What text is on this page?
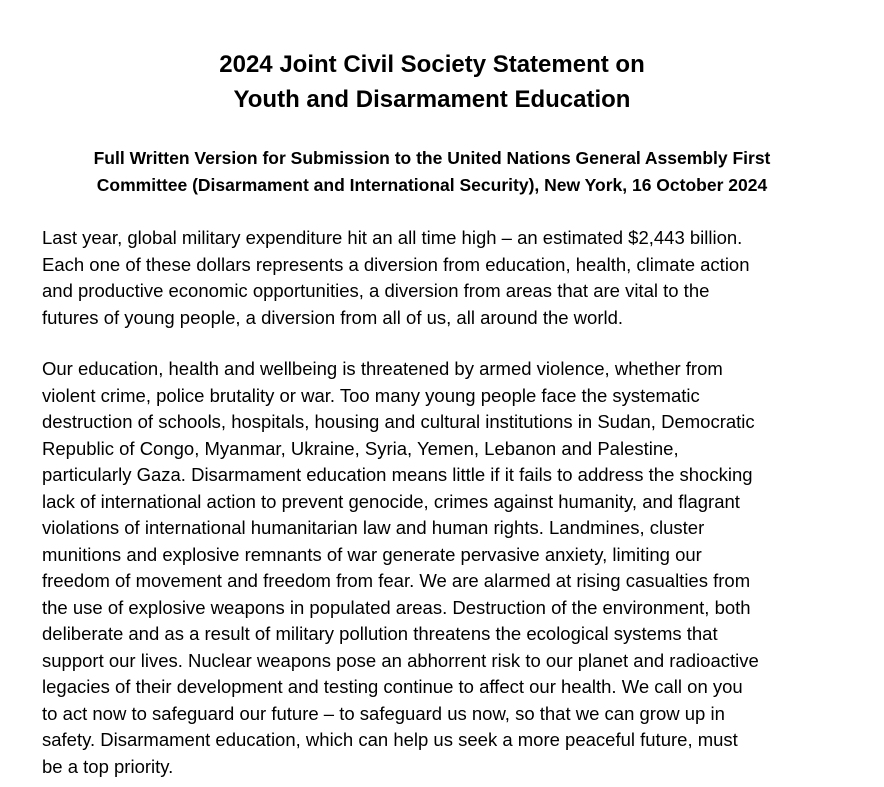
2024 Joint Civil Society Statement on
Youth and Disarmament Education
Full Written Version for Submission to the United Nations General Assembly First
Committee (Disarmament and International Security), New York, 16 October 2024

Last year, global military expenditure hit an all time high – an estimated $2,443 billion.
Each one of these dollars represents a diversion from education, health, climate action
and productive economic opportunities, a diversion from areas that are vital to the
futures of young people, a diversion from all of us, all around the world.

Our education, health and wellbeing is threatened by armed violence, whether from
violent crime, police brutality or war. Too many young people face the systematic
destruction of schools, hospitals, housing and cultural institutions in Sudan, Democratic
Republic of Congo, Myanmar, Ukraine, Syria, Yemen, Lebanon and Palestine,
particularly Gaza. Disarmament education means little if it fails to address the shocking
lack of international action to prevent genocide, crimes against humanity, and flagrant
violations of international humanitarian law and human rights. Landmines, cluster
munitions and explosive remnants of war generate pervasive anxiety, limiting our
freedom of movement and freedom from fear. We are alarmed at rising casualties from
the use of explosive weapons in populated areas. Destruction of the environment, both
deliberate and as a result of military pollution threatens the ecological systems that
support our lives. Nuclear weapons pose an abhorrent risk to our planet and radioactive
legacies of their development and testing continue to affect our health. We call on you
to act now to safeguard our future – to safeguard us now, so that we can grow up in
safety. Disarmament education, which can help us seek a more peaceful future, must
be a top priority.
